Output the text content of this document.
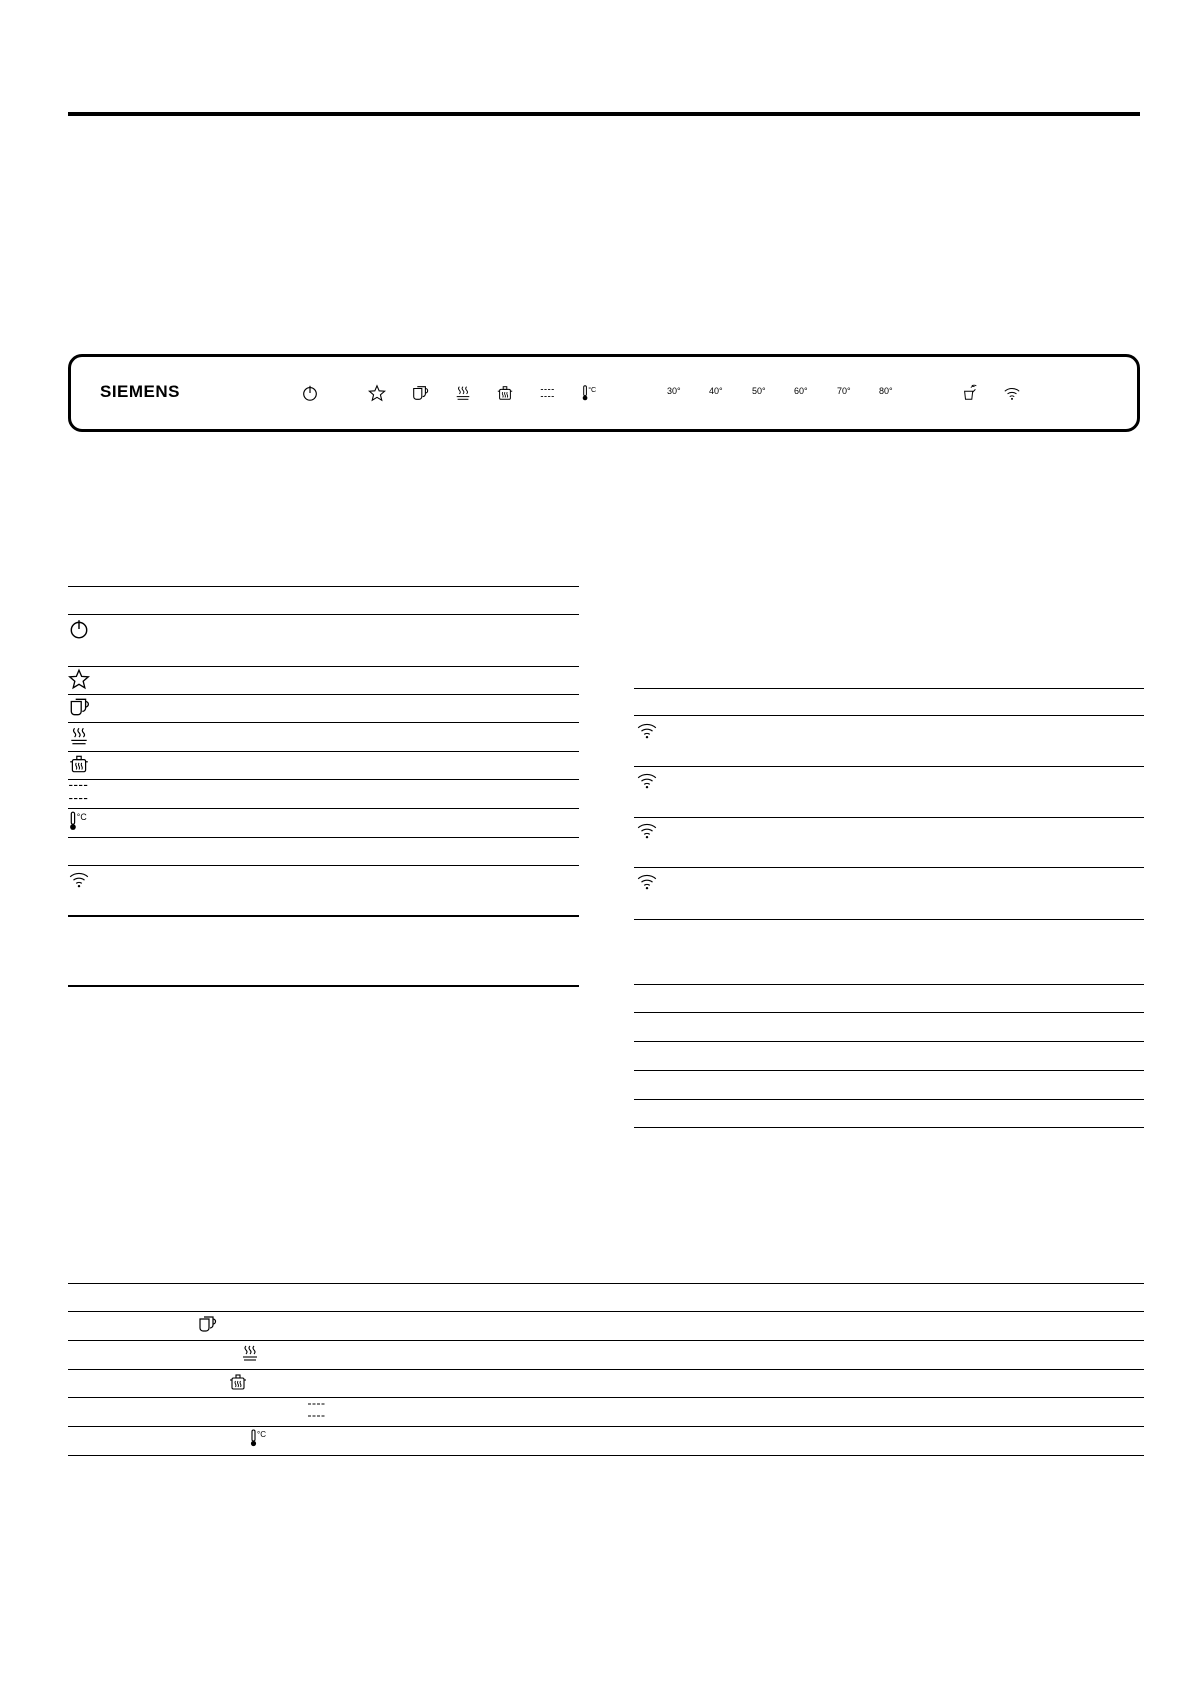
SIEMENS	°C	30°	40°	50°	60°	70°	80°
°C
°C
